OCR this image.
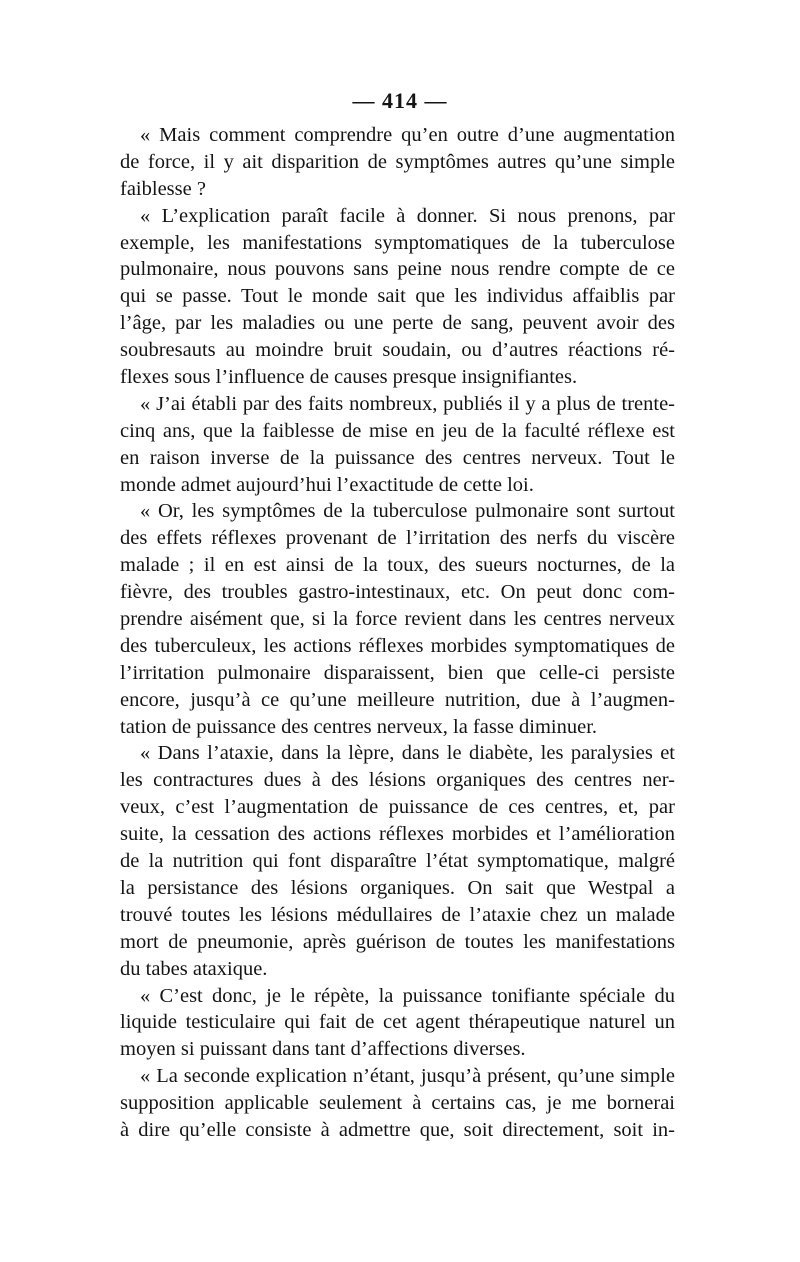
— 414 —
« Mais comment comprendre qu’en outre d’une augmentation
de force, il y ait disparition de symptômes autres qu’une simple
faiblesse ?
« L’explication paraît facile à donner. Si nous prenons, par
exemple, les manifestations symptomatiques de la tuberculose
pulmonaire, nous pouvons sans peine nous rendre compte de ce
qui se passe. Tout le monde sait que les individus affaiblis par
l’âge, par les maladies ou une perte de sang, peuvent avoir des
soubresauts au moindre bruit soudain, ou d’autres réactions ré-
flexes sous l’influence de causes presque insignifiantes.
« J’ai établi par des faits nombreux, publiés il y a plus de trente-
cinq ans, que la faiblesse de mise en jeu de la faculté réflexe est
en raison inverse de la puissance des centres nerveux. Tout le
monde admet aujourd’hui l’exactitude de cette loi.
« Or, les symptômes de la tuberculose pulmonaire sont surtout
des effets réflexes provenant de l’irritation des nerfs du viscère
malade ; il en est ainsi de la toux, des sueurs nocturnes, de la
fièvre, des troubles gastro-intestinaux, etc. On peut donc com-
prendre aisément que, si la force revient dans les centres nerveux
des tuberculeux, les actions réflexes morbides symptomatiques de
l’irritation pulmonaire disparaissent, bien que celle-ci persiste
encore, jusqu’à ce qu’une meilleure nutrition, due à l’augmen-
tation de puissance des centres nerveux, la fasse diminuer.
« Dans l’ataxie, dans la lèpre, dans le diabète, les paralysies et
les contractures dues à des lésions organiques des centres ner-
veux, c’est l’augmentation de puissance de ces centres, et, par
suite, la cessation des actions réflexes morbides et l’amélioration
de la nutrition qui font disparaître l’état symptomatique, malgré
la persistance des lésions organiques. On sait que Westpal a
trouvé toutes les lésions médullaires de l’ataxie chez un malade
mort de pneumonie, après guérison de toutes les manifestations
du tabes ataxique.
« C’est donc, je le répète, la puissance tonifiante spéciale du
liquide testiculaire qui fait de cet agent thérapeutique naturel un
moyen si puissant dans tant d’affections diverses.
« La seconde explication n’étant, jusqu’à présent, qu’une simple
supposition applicable seulement à certains cas, je me bornerai
à dire qu’elle consiste à admettre que, soit directement, soit in-
